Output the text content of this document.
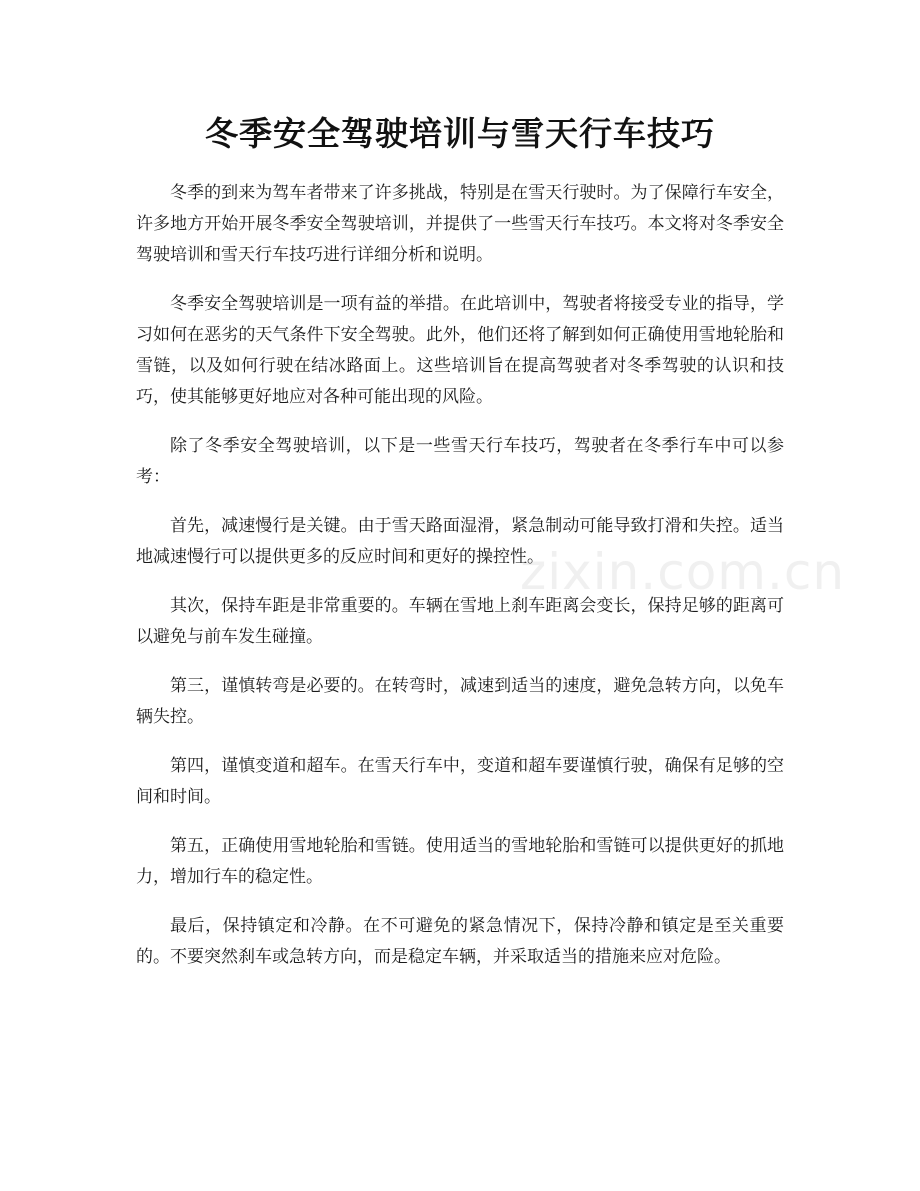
冬季安全驾驶培训与雪天行车技巧

冬季的到来为驾车者带来了许多挑战，特别是在雪天行驶时。为了保障行车安全，许多地方开始开展冬季安全驾驶培训，并提供了一些雪天行车技巧。本文将对冬季安全驾驶培训和雪天行车技巧进行详细分析和说明。

冬季安全驾驶培训是一项有益的举措。在此培训中，驾驶者将接受专业的指导，学习如何在恶劣的天气条件下安全驾驶。此外，他们还将了解到如何正确使用雪地轮胎和雪链，以及如何行驶在结冰路面上。这些培训旨在提高驾驶者对冬季驾驶的认识和技巧，使其能够更好地应对各种可能出现的风险。

除了冬季安全驾驶培训，以下是一些雪天行车技巧，驾驶者在冬季行车中可以参考：

首先，减速慢行是关键。由于雪天路面湿滑，紧急制动可能导致打滑和失控。适当地减速慢行可以提供更多的反应时间和更好的操控性。

其次，保持车距是非常重要的。车辆在雪地上刹车距离会变长，保持足够的距离可以避免与前车发生碰撞。

第三，谨慎转弯是必要的。在转弯时，减速到适当的速度，避免急转方向，以免车辆失控。

第四，谨慎变道和超车。在雪天行车中，变道和超车要谨慎行驶，确保有足够的空间和时间。

第五，正确使用雪地轮胎和雪链。使用适当的雪地轮胎和雪链可以提供更好的抓地力，增加行车的稳定性。

最后，保持镇定和冷静。在不可避免的紧急情况下，保持冷静和镇定是至关重要的。不要突然刹车或急转方向，而是稳定车辆，并采取适当的措施来应对危险。

zixin.com.cn
